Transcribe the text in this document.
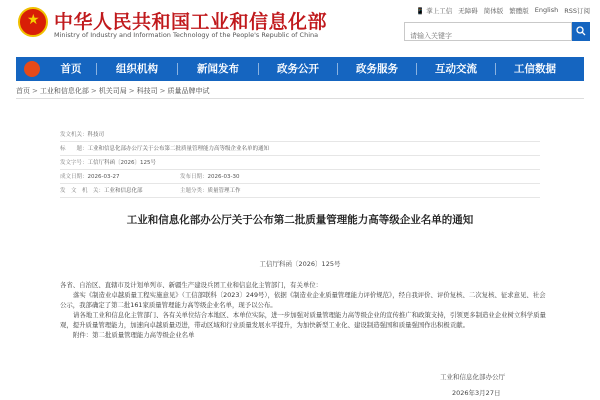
★ 中华人民共和国工业和信息化部
Ministry of Industry and Information Technology of the People's Republic of China
📱 掌上工信 无障碍 简体版 繁體版 English RSS订阅
请输入关键字
首页	组织机构	新闻发布	政务公开	政务服务	互动交流	工信数据
首页 > 工业和信息化部 > 机关司局 > 科技司 > 质量品牌申试
发文机关： 科技司
标　　题： 工业和信息化部办公厅关于公布第二批质量管理能力高等级企业名单的通知
发文字号： 工信厅科函〔2026〕125号
成文日期：2026-03-27	发布日期：2026-03-30
发　文　机　关：工业和信息化部	主题分类：质量管理工作
工业和信息化部办公厅关于公布第二批质量管理能力高等级企业名单的通知
工信厅科函〔2026〕125号

各省、自治区、直辖市及计划单列市、新疆生产建设兵团工业和信息化主管部门，有关单位：

落实《制造业卓越质量工程实施意见》（工信部联科〔2023〕249号），依据《制造业企业质量管理能力评价规范》，经自我评价、评价复核、二次复核、征求意见、社会公示，我部确定了第二批161家质量管理能力高等级企业名单，现予以公布。

请各地工业和信息化主管部门、各有关单位结合本地区、本单位实际，进一步加强对质量管理能力高等级企业的宣传推广和政策支持，引领更多制造业企业树立科学质量观，提升质量管理能力，加速向卓越质量迈进，带动区域和行业质量发展水平提升，为加快新型工业化、建设制造强国和质量强国作出积极贡献。

附件：第二批质量管理能力高等级企业名单

工业和信息化部办公厅
2026年3月27日
